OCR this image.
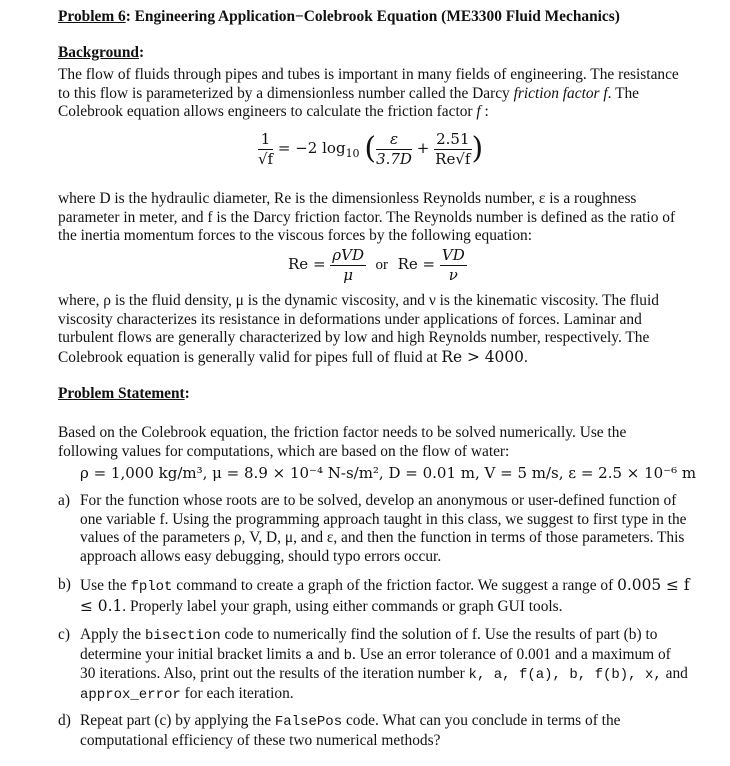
Problem 6: Engineering Application−Colebrook Equation (ME3300 Fluid Mechanics)
Background:
The flow of fluids through pipes and tubes is important in many fields of engineering. The resistance to this flow is parameterized by a dimensionless number called the Darcy friction factor f. The Colebrook equation allows engineers to calculate the friction factor f :
$\frac{1}{√f} = -2$ $\log_{10}$ ( $\frac{\varepsilon}{3.7D} + \frac{2.51}{Re√f}$ )
where D is the hydraulic diameter, Re is the dimensionless Reynolds number, ε is a roughness parameter in meter, and f is the Darcy friction factor. The Reynolds number is defined as the ratio of the inertia momentum forces to the viscous forces by the following equation:
$Re = \frac{\text{ρVD}}{\mu}$ or $Re = \frac{VD}{\nu}$
where, ρ is the fluid density, μ is the dynamic viscosity, and ν is the kinematic viscosity. The fluid viscosity characterizes its resistance in deformations under applications of forces. Laminar and turbulent flows are generally characterized by low and high Reynolds number, respectively. The Colebrook equation is generally valid for pipes full of fluid at Re > 4000.
Problem Statement:
Based on the Colebrook equation, the friction factor needs to be solved numerically. Use the following values for computations, which are based on the flow of water:
ρ = 1,000 kg/m³, μ = 8.9 × 10⁻⁴ N-s/m², D = 0.01 m, V = 5 m/s, ε = 2.5 × 10⁻⁶ m
a) For the function whose roots are to be solved, develop an anonymous or user-defined function of one variable f. Using the programming approach taught in this class, we suggest to first type in the values of the parameters ρ, V, D, μ, and ε, and then the function in terms of those parameters. This approach allows easy debugging, should typo errors occur.
b) Use the fplot command to create a graph of the friction factor. We suggest a range of 0.005 ≤ f ≤ 0.1. Properly label your graph, using either commands or graph GUI tools.
c) Apply the bisection code to numerically find the solution of f. Use the results of part (b) to determine your initial bracket limits a and b. Use an error tolerance of 0.001 and a maximum of 30 iterations. Also, print out the results of the iteration number k, a, f(a), b, f(b), x, and approx_error for each iteration.
d) Repeat part (c) by applying the FalsePos code. What can you conclude in terms of the computational efficiency of these two numerical methods?
